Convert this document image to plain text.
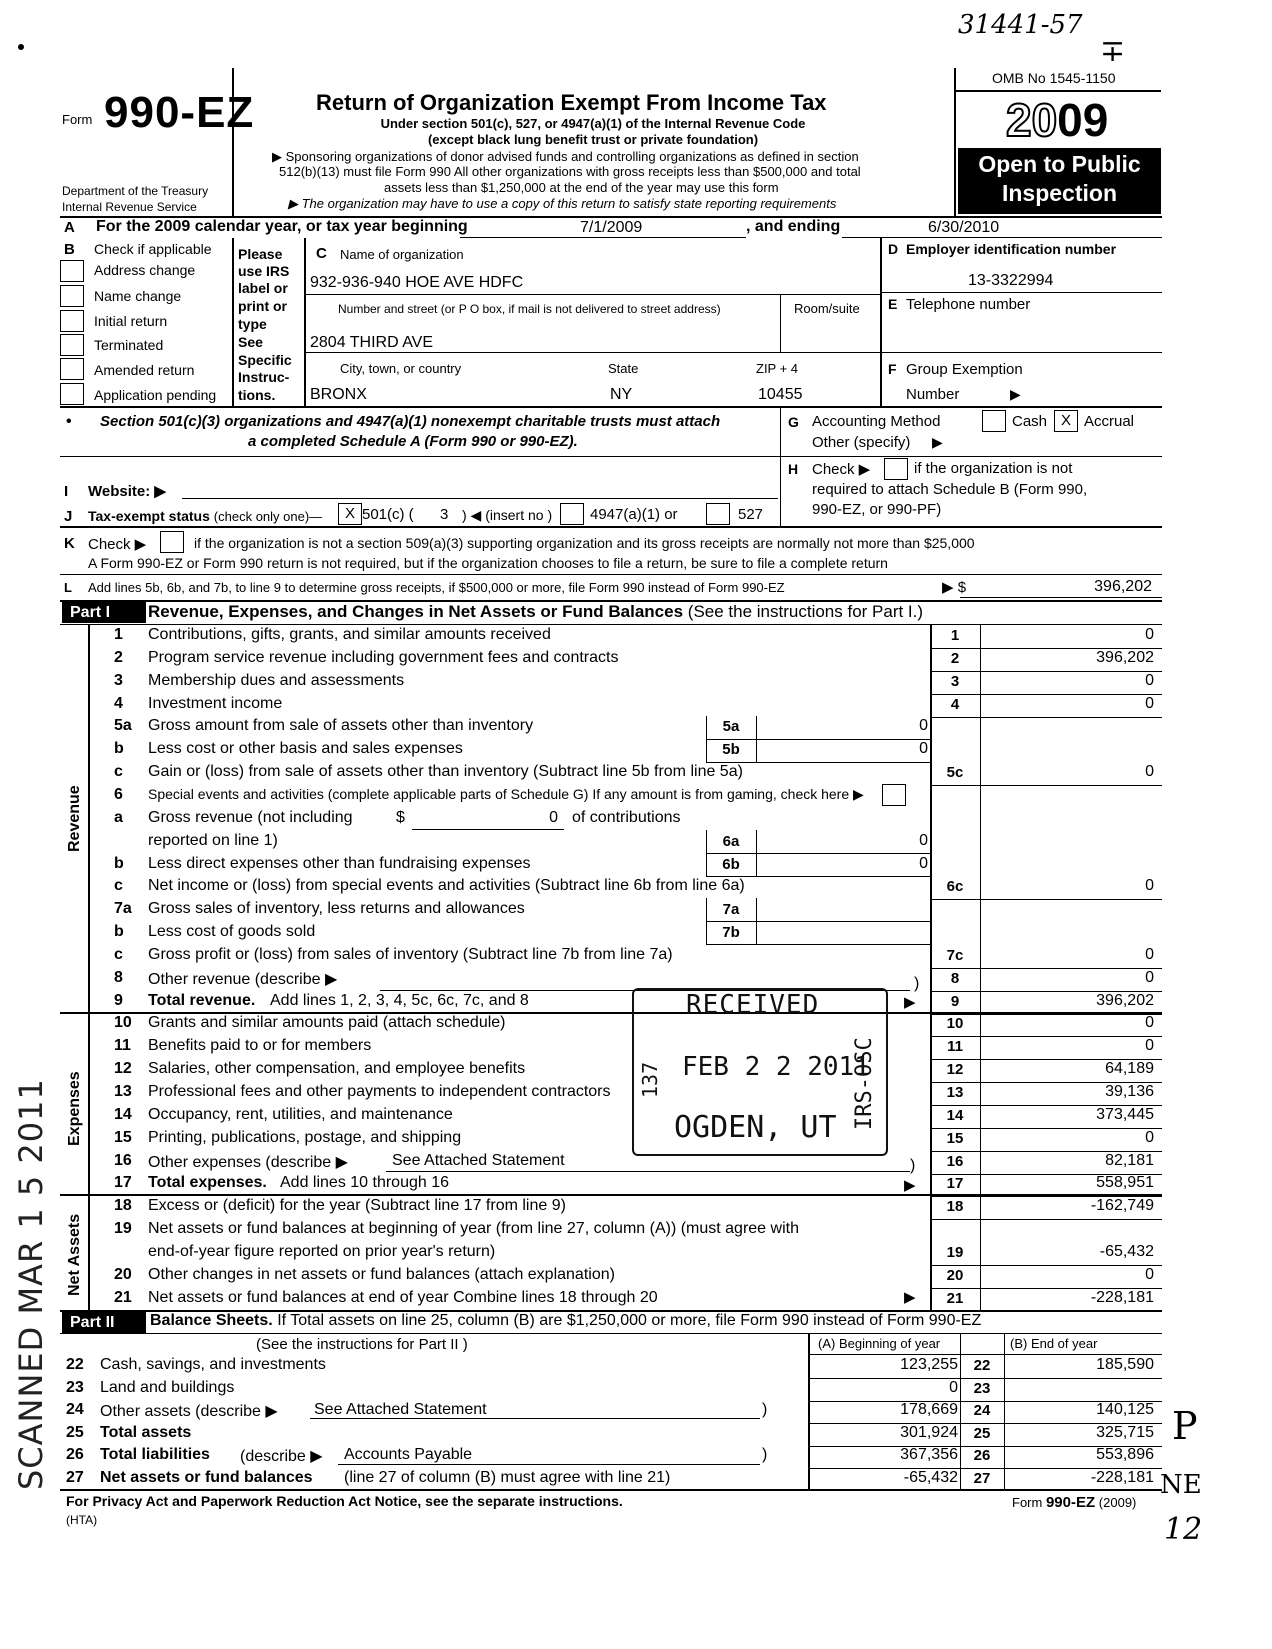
Form 990-EZ
Department of the Treasury
Internal Revenue Service
Return of Organization Exempt From Income Tax
Under section 501(c), 527, or 4947(a)(1) of the Internal Revenue Code
(except black lung benefit trust or private foundation)
▶ Sponsoring organizations of donor advised funds and controlling organizations as defined in section
512(b)(13) must file Form 990 All other organizations with gross receipts less than $500,000 and total
assets less than $1,250,000 at the end of the year may use this form
▶ The organization may have to use a copy of this return to satisfy state reporting requirements
OMB No 1545-1150
2009
Open to Public
Inspection
A For the 2009 calendar year, or tax year beginning	7/1/2009	, and ending	6/30/2010
B Check if applicable
Address change
Name change
Initial return
Terminated
Amended return
Application pending
Please
use IRS
label or
print or
type
See
Specific
Instruc-
tions.
C Name of organization
932-936-940 HOE AVE HDFC
Number and street (or P O box, if mail is not delivered to street address)	Room/suite
2804 THIRD AVE
City, town, or country	State	ZIP + 4
BRONX	NY	10455
D Employer identification number
13-3322994
E Telephone number
F Group Exemption
Number	▶
• Section 501(c)(3) organizations and 4947(a)(1) nonexempt charitable trusts must attach
a completed Schedule A (Form 990 or 990-EZ).
G Accounting Method	Cash X Accrual
Other (specify) ▶
H Check ▶	if the organization is not
required to attach Schedule B (Form 990,
990-EZ, or 990-PF)
I Website: ▶
J Tax-exempt status (check only one)—	X 501(c) ( 3 ) ◀ (insert no )	4947(a)(1) or	527
K Check ▶	if the organization is not a section 509(a)(3) supporting organization and its gross receipts are normally not more than $25,000
A Form 990-EZ or Form 990 return is not required, but if the organization chooses to file a return, be sure to file a complete return
L Add lines 5b, 6b, and 7b, to line 9 to determine gross receipts, if $500,000 or more, file Form 990 instead of Form 990-EZ	▶ $	396,202
Part I	Revenue, Expenses, and Changes in Net Assets or Fund Balances (See the instructions for Part I.)
1	Contributions, gifts, grants, and similar amounts received	1	0
2	Program service revenue including government fees and contracts	2	396,202
3	Membership dues and assessments	3	0
4	Investment income	4	0
5a	Gross amount from sale of assets other than inventory	5a	0
b	Less cost or other basis and sales expenses	5b	0
c	Gain or (loss) from sale of assets other than inventory (Subtract line 5b from line 5a)	5c	0
6	Special events and activities (complete applicable parts of Schedule G) If any amount is from gaming, check here ▶
a	Gross revenue (not including	$	0 of contributions
reported on line 1)	6a	0
b	Less direct expenses other than fundraising expenses	6b	0
c	Net income or (loss) from special events and activities (Subtract line 6b from line 6a)	6c	0
7a	Gross sales of inventory, less returns and allowances	7a
b	Less cost of goods sold	7b
c	Gross profit or (loss) from sales of inventory (Subtract line 7b from line 7a)	7c	0
8	Other revenue (describe ▶	8	0
9	Total revenue. Add lines 1, 2, 3, 4, 5c, 6c, 7c, and 8	9	396,202
10	Grants and similar amounts paid (attach schedule)	10	0
11	Benefits paid to or for members	11	0
12	Salaries, other compensation, and employee benefits	12	64,189
13	Professional fees and other payments to independent contractors	13	39,136
14	Occupancy, rent, utilities, and maintenance	14	373,445
15	Printing, publications, postage, and shipping	15	0
16	Other expenses (describe ▶	See Attached Statement	16	82,181
17	Total expenses. Add lines 10 through 16	17	558,951
18	Excess or (deficit) for the year (Subtract line 17 from line 9)	18	-162,749
19	Net assets or fund balances at beginning of year (from line 27, column (A)) (must agree with
end-of-year figure reported on prior year's return)	19	-65,432
20	Other changes in net assets or fund balances (attach explanation)	20	0
21	Net assets or fund balances at end of year Combine lines 18 through 20	21	-228,181
Revenue
Expenses
Net Assets
Part II	Balance Sheets. If Total assets on line 25, column (B) are $1,250,000 or more, file Form 990 instead of Form 990-EZ
(See the instructions for Part II )	(A) Beginning of year	(B) End of year
22 Cash, savings, and investments	123,255	22	185,590
23 Land and buildings	0	23
24 Other assets (describe ▶ See Attached Statement	)	178,669	24	140,125
25 Total assets	301,924	25	325,715
26 Total liabilities (describe ▶ Accounts Payable	)	367,356	26	553,896
27 Net assets or fund balances (line 27 of column (B) must agree with line 21)	-65,432	27	-228,181
For Privacy Act and Paperwork Reduction Act Notice, see the separate instructions.
(HTA)
Form 990-EZ (2009)
RECEIVED
FEB 2 2 2011
OGDEN, UT IRS-OSC
137
SCANNED MAR 1 5 2011
31441-57
∓
P
NE
12
)
)
▶
▶
▶
